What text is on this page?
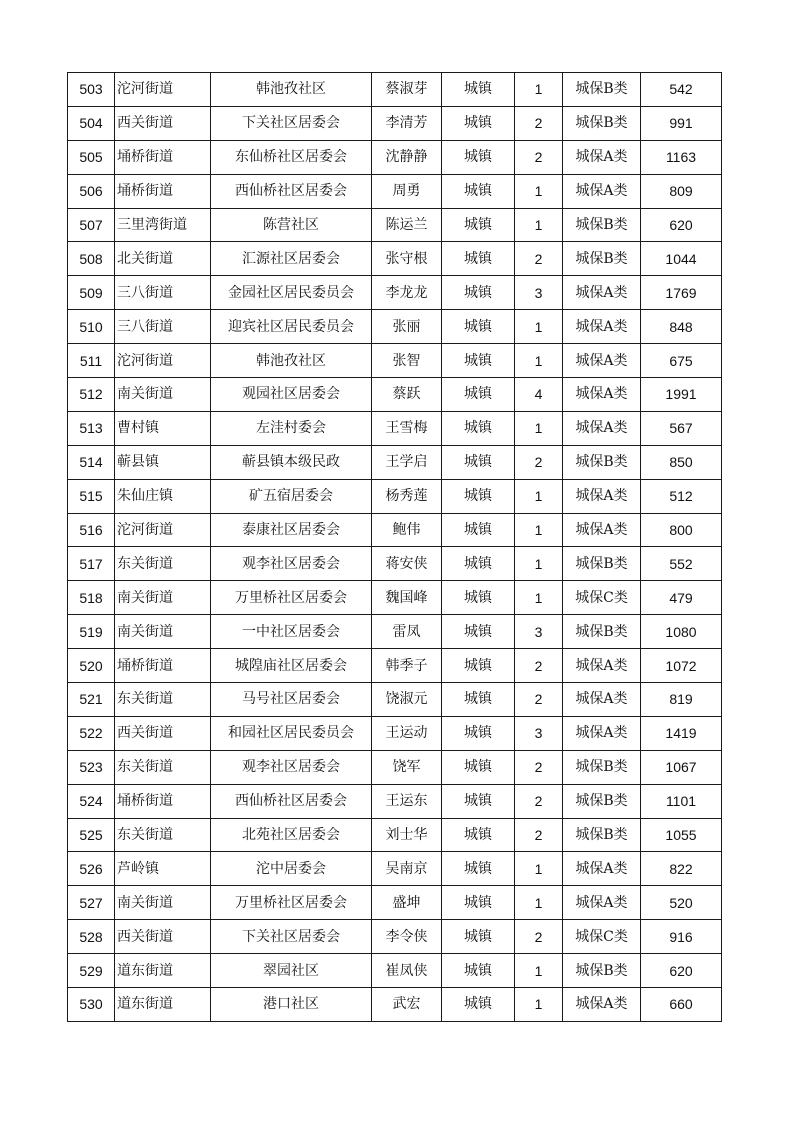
503	沱河街道	韩池孜社区	蔡淑芽	城镇	1	城保B类	542
504	西关街道	下关社区居委会	李清芳	城镇	2	城保B类	991
505	埇桥街道	东仙桥社区居委会	沈静静	城镇	2	城保A类	1163
506	埇桥街道	西仙桥社区居委会	周勇	城镇	1	城保A类	809
507	三里湾街道	陈营社区	陈运兰	城镇	1	城保B类	620
508	北关街道	汇源社区居委会	张守根	城镇	2	城保B类	1044
509	三八街道	金园社区居民委员会	李龙龙	城镇	3	城保A类	1769
510	三八街道	迎宾社区居民委员会	张丽	城镇	1	城保A类	848
511	沱河街道	韩池孜社区	张智	城镇	1	城保A类	675
512	南关街道	观园社区居委会	蔡跃	城镇	4	城保A类	1991
513	曹村镇	左洼村委会	王雪梅	城镇	1	城保A类	567
514	蕲县镇	蕲县镇本级民政	王学启	城镇	2	城保B类	850
515	朱仙庄镇	矿五宿居委会	杨秀莲	城镇	1	城保A类	512
516	沱河街道	泰康社区居委会	鲍伟	城镇	1	城保A类	800
517	东关街道	观李社区居委会	蒋安侠	城镇	1	城保B类	552
518	南关街道	万里桥社区居委会	魏国峰	城镇	1	城保C类	479
519	南关街道	一中社区居委会	雷凤	城镇	3	城保B类	1080
520	埇桥街道	城隍庙社区居委会	韩季子	城镇	2	城保A类	1072
521	东关街道	马号社区居委会	饶淑元	城镇	2	城保A类	819
522	西关街道	和园社区居民委员会	王运动	城镇	3	城保A类	1419
523	东关街道	观李社区居委会	饶军	城镇	2	城保B类	1067
524	埇桥街道	西仙桥社区居委会	王运东	城镇	2	城保B类	1101
525	东关街道	北苑社区居委会	刘士华	城镇	2	城保B类	1055
526	芦岭镇	沱中居委会	吴南京	城镇	1	城保A类	822
527	南关街道	万里桥社区居委会	盛坤	城镇	1	城保A类	520
528	西关街道	下关社区居委会	李令侠	城镇	2	城保C类	916
529	道东街道	翠园社区	崔凤侠	城镇	1	城保B类	620
530	道东街道	港口社区	武宏	城镇	1	城保A类	660
